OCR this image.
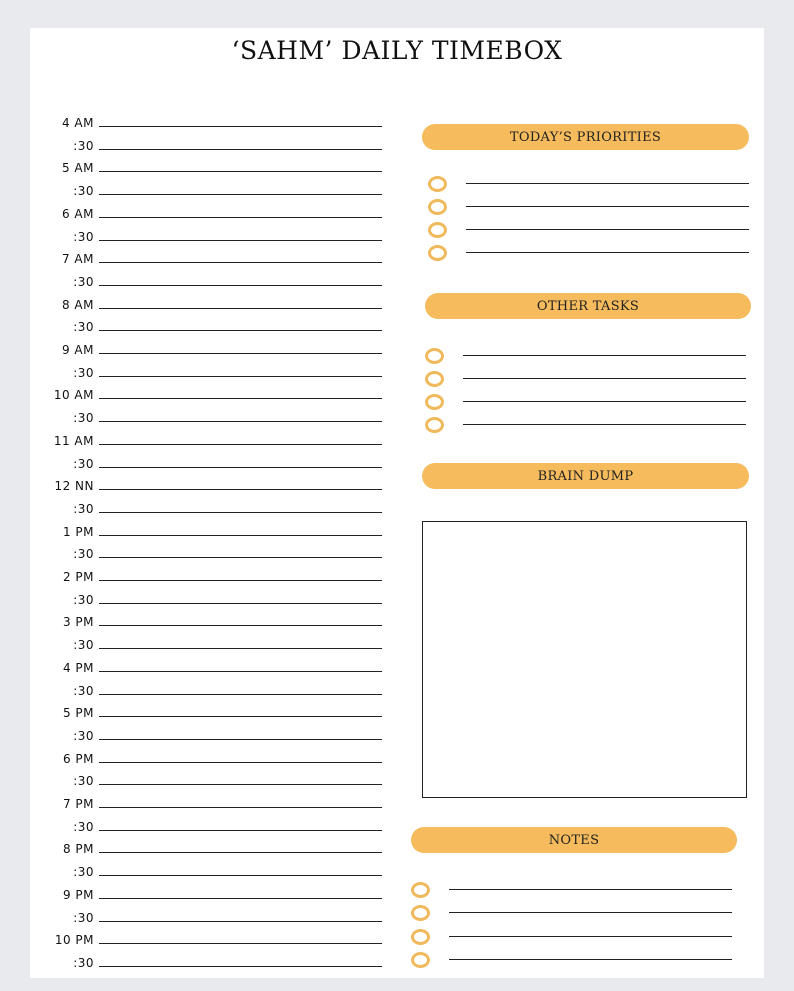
‘SAHM’ DAILY TIMEBOX
4 AM
:30
5 AM
:30
6 AM
:30
7 AM
:30
8 AM
:30
9 AM
:30
10 AM
:30
11 AM
:30
12 NN
:30
1 PM
:30
2 PM
:30
3 PM
:30
4 PM
:30
5 PM
:30
6 PM
:30
7 PM
:30
8 PM
:30
9 PM
:30
10 PM
:30
TODAY’S PRIORITIES
OTHER TASKS
BRAIN DUMP
NOTES
